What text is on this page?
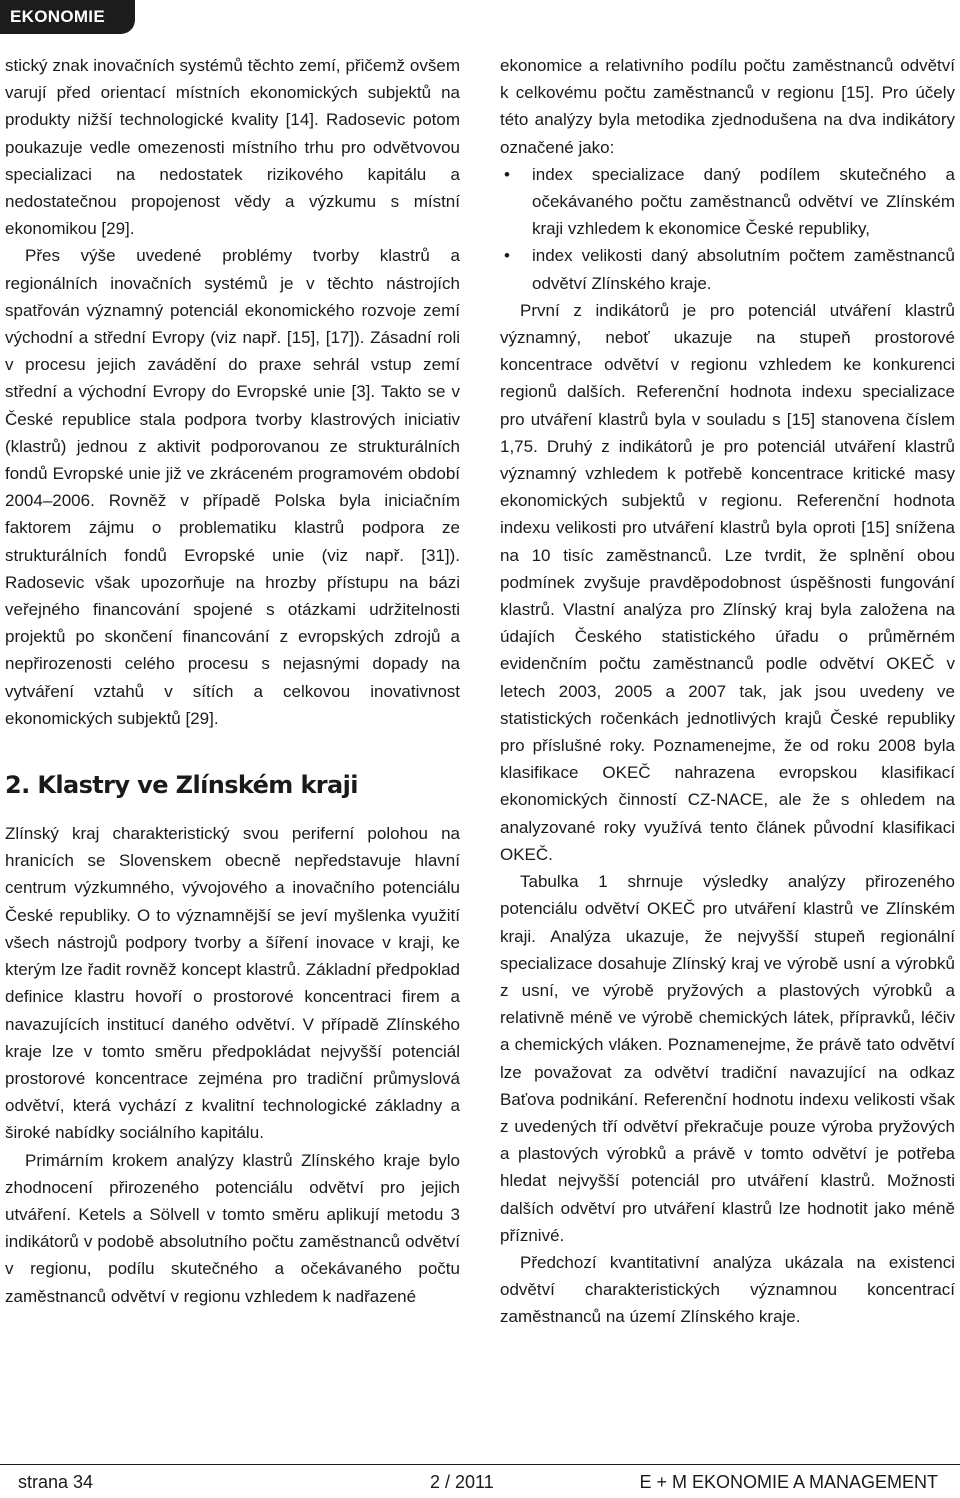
EKONOMIE

stický znak inovačních systémů těchto zemí, přičemž ovšem varují před orientací místních ekonomických subjektů na produkty nižší technologické kvality [14]. Radosevic potom poukazuje vedle omezenosti místního trhu pro odvětvovou specializaci na nedostatek rizikového kapitálu a nedostatečnou propojenost vědy a výzkumu s místní ekonomikou [29].

Přes výše uvedené problémy tvorby klastrů a regionálních inovačních systémů je v těchto nástrojích spatřován významný potenciál ekonomického rozvoje zemí východní a střední Evropy (viz např. [15], [17]). Zásadní roli v procesu jejich zavádění do praxe sehrál vstup zemí střední a východní Evropy do Evropské unie [3]. Takto se v České republice stala podpora tvorby klastrových iniciativ (klastrů) jednou z aktivit podporovanou ze strukturálních fondů Evropské unie již ve zkráceném programovém období 2004–2006. Rovněž v případě Polska byla iniciačním faktorem zájmu o problematiku klastrů podpora ze strukturálních fondů Evropské unie (viz např. [31]). Radosevic však upozorňuje na hrozby přístupu na bázi veřejného financování spojené s otázkami udržitelnosti projektů po skončení financování z evropských zdrojů a nepřirozenosti celého procesu s nejasnými dopady na vytváření vztahů v sítích a celkovou inovativnost ekonomických subjektů [29].

2. Klastry ve Zlínském kraji

Zlínský kraj charakteristický svou periferní polohou na hranicích se Slovenskem obecně nepředstavuje hlavní centrum výzkumného, vývojového a inovačního potenciálu České republiky. O to významnější se jeví myšlenka využití všech nástrojů podpory tvorby a šíření inovace v kraji, ke kterým lze řadit rovněž koncept klastrů. Základní předpoklad definice klastru hovoří o prostorové koncentraci firem a navazujících institucí daného odvětví. V případě Zlínského kraje lze v tomto směru předpokládat nejvyšší potenciál prostorové koncentrace zejména pro tradiční průmyslová odvětví, která vychází z kvalitní technologické základny a široké nabídky sociálního kapitálu.

Primárním krokem analýzy klastrů Zlínského kraje bylo zhodnocení přirozeného potenciálu odvětví pro jejich utváření. Ketels a Sölvell v tomto směru aplikují metodu 3 indikátorů v podobě absolutního počtu zaměstnanců odvětví v regionu, podílu skutečného a očekávaného počtu zaměstnanců odvětví v regionu vzhledem k nadřazené

ekonomice a relativního podílu počtu zaměstnanců odvětví k celkovému počtu zaměstnanců v regionu [15]. Pro účely této analýzy byla metodika zjednodušena na dva indikátory označené jako:

• index specializace daný podílem skutečného a očekávaného počtu zaměstnanců odvětví ve Zlínském kraji vzhledem k ekonomice České republiky,
• index velikosti daný absolutním počtem zaměstnanců odvětví Zlínského kraje.

První z indikátorů je pro potenciál utváření klastrů významný, neboť ukazuje na stupeň prostorové koncentrace odvětví v regionu vzhledem ke konkurenci regionů dalších. Referenční hodnota indexu specializace pro utváření klastrů byla v souladu s [15] stanovena číslem 1,75. Druhý z indikátorů je pro potenciál utváření klastrů významný vzhledem k potřebě koncentrace kritické masy ekonomických subjektů v regionu. Referenční hodnota indexu velikosti pro utváření klastrů byla oproti [15] snížena na 10 tisíc zaměstnanců. Lze tvrdit, že splnění obou podmínek zvyšuje pravděpodobnost úspěšnosti fungování klastrů. Vlastní analýza pro Zlínský kraj byla založena na údajích Českého statistického úřadu o průměrném evidenčním počtu zaměstnanců podle odvětví OKEČ v letech 2003, 2005 a 2007 tak, jak jsou uvedeny ve statistických ročenkách jednotlivých krajů České republiky pro příslušné roky. Poznamenejme, že od roku 2008 byla klasifikace OKEČ nahrazena evropskou klasifikací ekonomických činností CZ-NACE, ale že s ohledem na analyzované roky využívá tento článek původní klasifikaci OKEČ.

Tabulka 1 shrnuje výsledky analýzy přirozeného potenciálu odvětví OKEČ pro utváření klastrů ve Zlínském kraji. Analýza ukazuje, že nejvyšší stupeň regionální specializace dosahuje Zlínský kraj ve výrobě usní a výrobků z usní, ve výrobě pryžových a plastových výrobků a relativně méně ve výrobě chemických látek, přípravků, léčiv a chemických vláken. Poznamenejme, že právě tato odvětví lze považovat za odvětví tradiční navazující na odkaz Baťova podnikání. Referenční hodnotu indexu velikosti však z uvedených tří odvětví překračuje pouze výroba pryžových a plastových výrobků a právě v tomto odvětví je potřeba hledat nejvyšší potenciál pro utváření klastrů. Možnosti dalších odvětví pro utváření klastrů lze hodnotit jako méně příznivé.

Předchozí kvantitativní analýza ukázala na existenci odvětví charakteristických významnou koncentrací zaměstnanců na území Zlínského kraje.

strana 34	2 / 2011	E + M EKONOMIE A MANAGEMENT
